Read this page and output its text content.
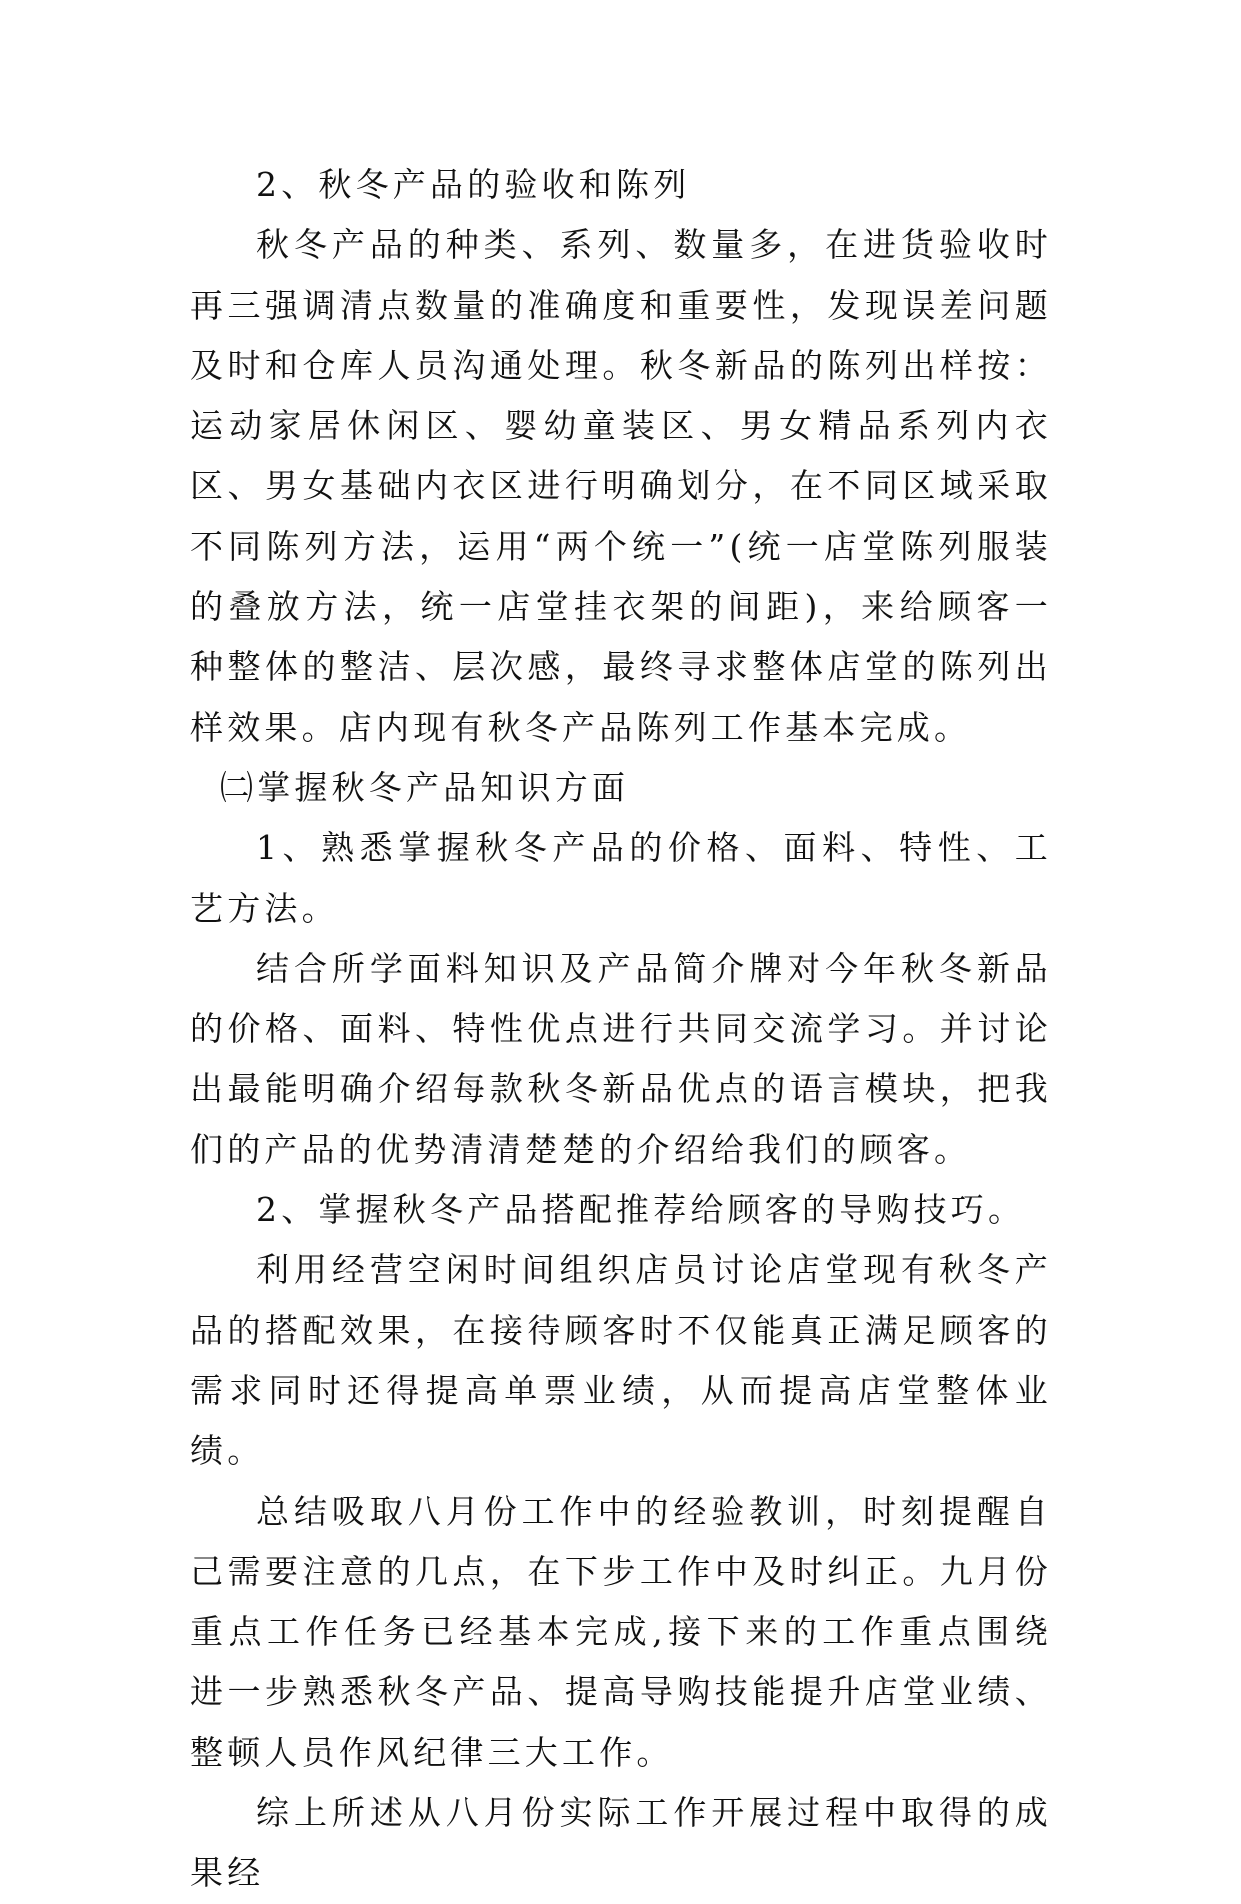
2、秋冬产品的验收和陈列

秋冬产品的种类、系列、数量多，在进货验收时再三强调清点数量的准确度和重要性，发现误差问题及时和仓库人员沟通处理。秋冬新品的陈列出样按：运动家居休闲区、婴幼童装区、男女精品系列内衣区、男女基础内衣区进行明确划分，在不同区域采取不同陈列方法，运用“两个统一”(统一店堂陈列服装的叠放方法，统一店堂挂衣架的间距)，来给顾客一种整体的整洁、层次感，最终寻求整体店堂的陈列出样效果。店内现有秋冬产品陈列工作基本完成。

㈡掌握秋冬产品知识方面

1、熟悉掌握秋冬产品的价格、面料、特性、工艺方法。

结合所学面料知识及产品简介牌对今年秋冬新品的价格、面料、特性优点进行共同交流学习。并讨论出最能明确介绍每款秋冬新品优点的语言模块，把我们的产品的优势清清楚楚的介绍给我们的顾客。

2、掌握秋冬产品搭配推荐给顾客的导购技巧。

利用经营空闲时间组织店员讨论店堂现有秋冬产品的搭配效果，在接待顾客时不仅能真正满足顾客的需求同时还得提高单票业绩，从而提高店堂整体业绩。

总结吸取八月份工作中的经验教训，时刻提醒自己需要注意的几点，在下步工作中及时纠正。九月份重点工作任务已经基本完成,接下来的工作重点围绕进一步熟悉秋冬产品、提高导购技能提升店堂业绩、整顿人员作风纪律三大工作。

综上所述从八月份实际工作开展过程中取得的成果经
